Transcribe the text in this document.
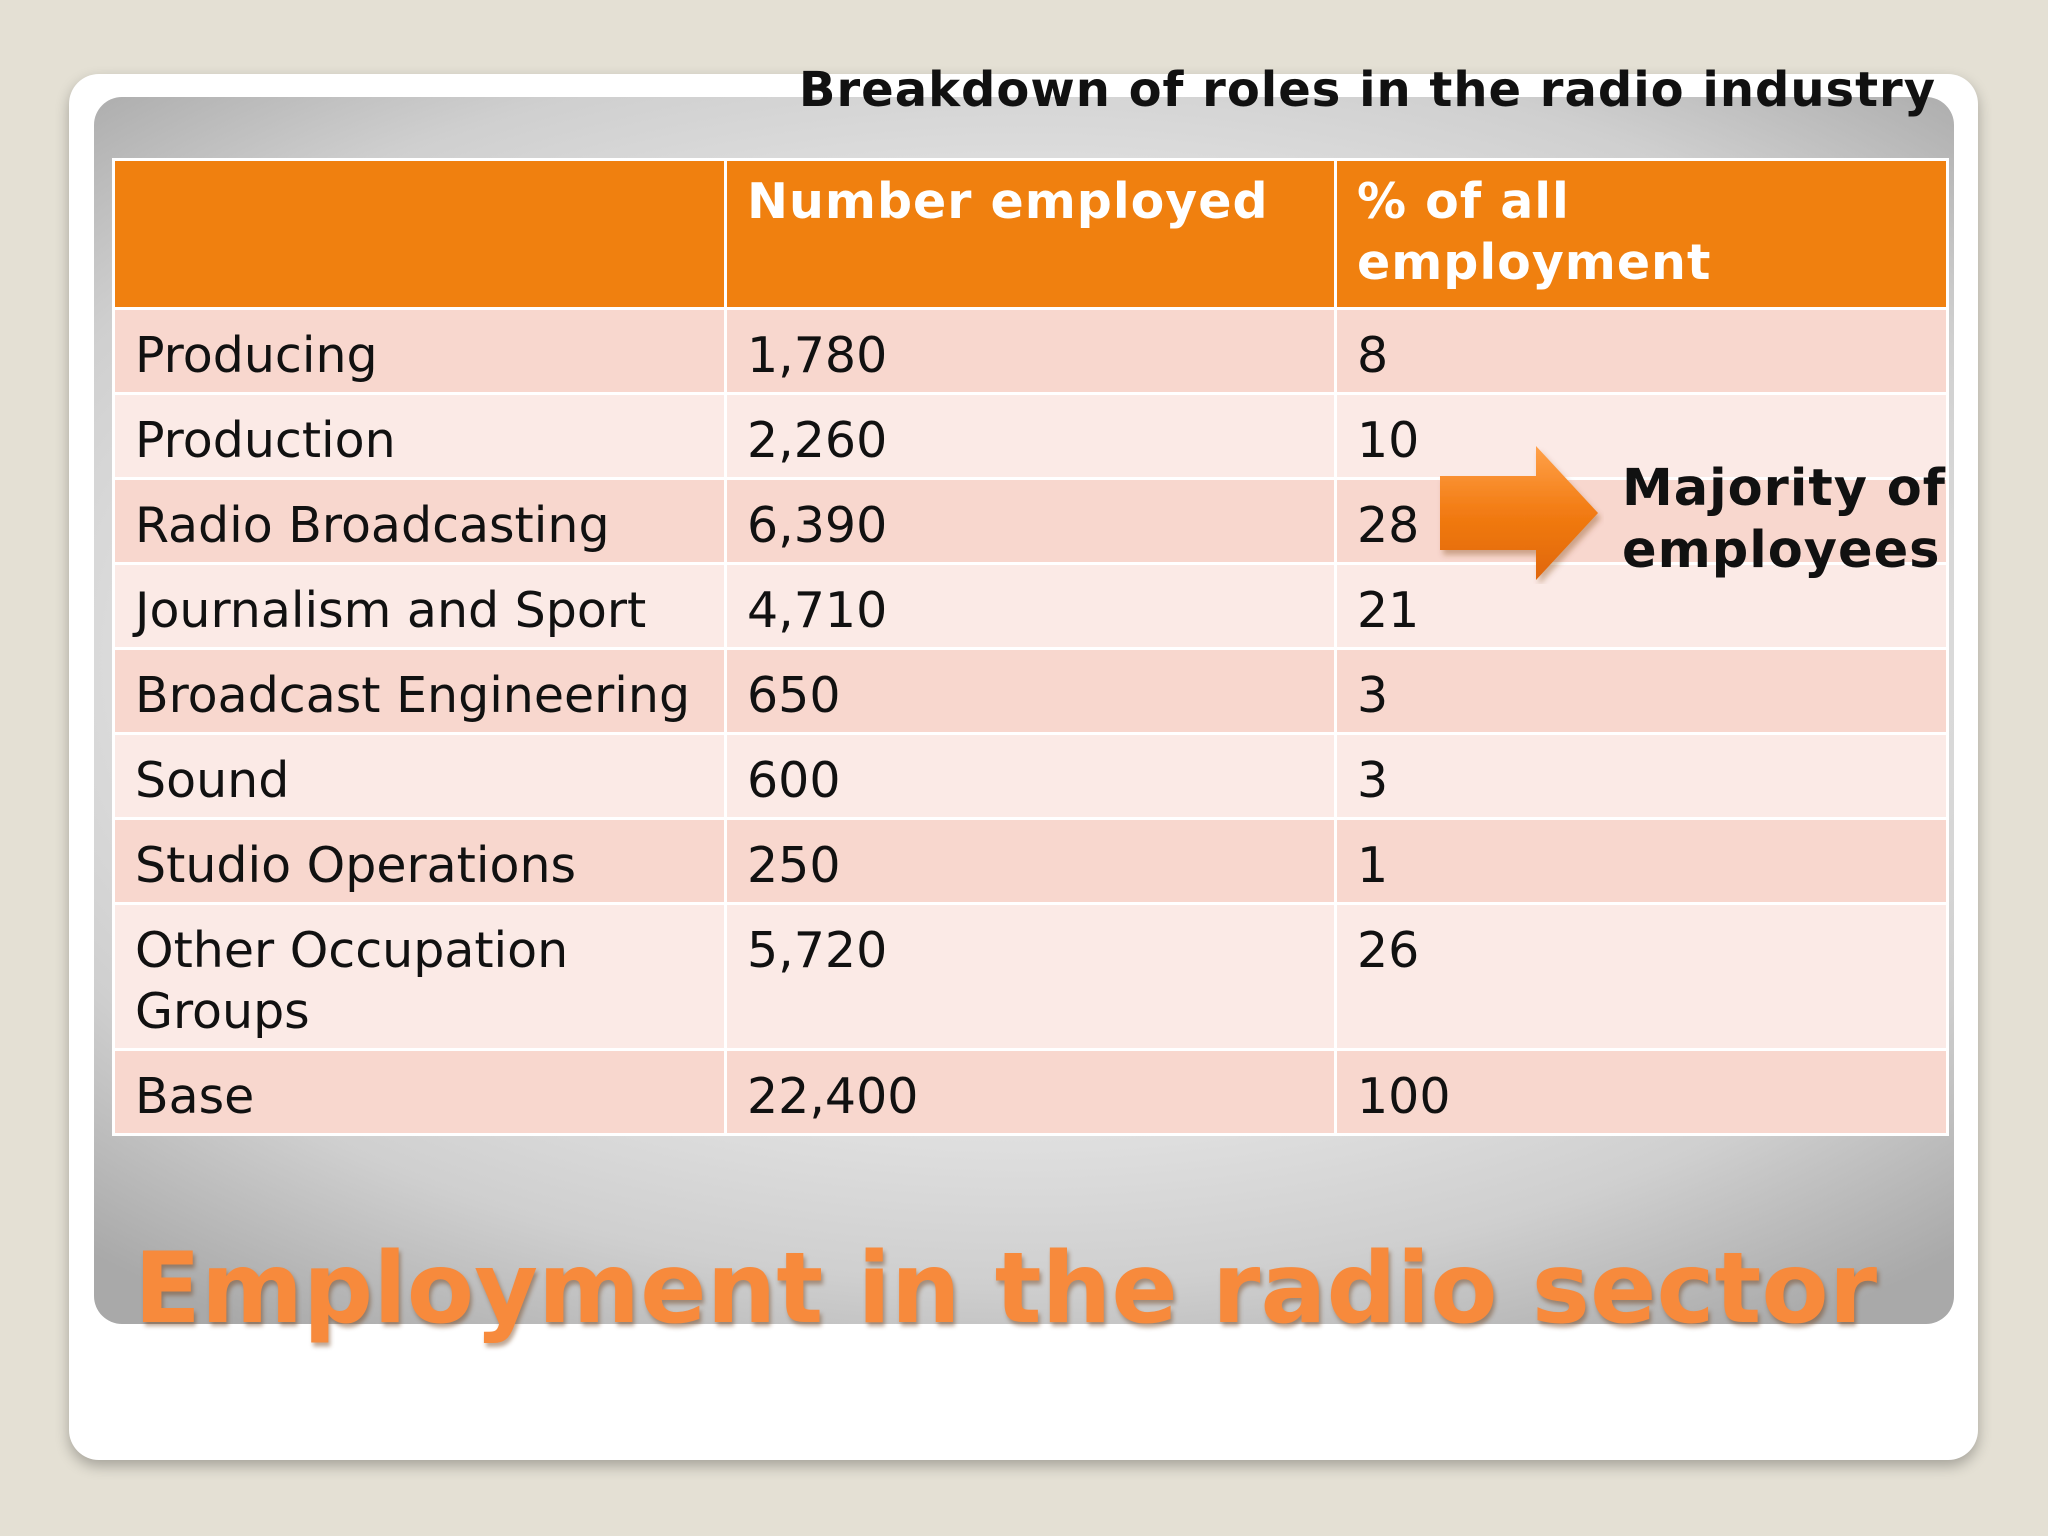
Breakdown of roles in the radio industry
	Number employed	% of all employment
Producing	1,780	8
Production	2,260	10
Radio Broadcasting	6,390	28
Journalism and Sport	4,710	21
Broadcast Engineering	650	3
Sound	600	3
Studio Operations	250	1
Other Occupation Groups	5,720	26
Base	22,400	100
Majority of
employees
Employment in the radio sector
